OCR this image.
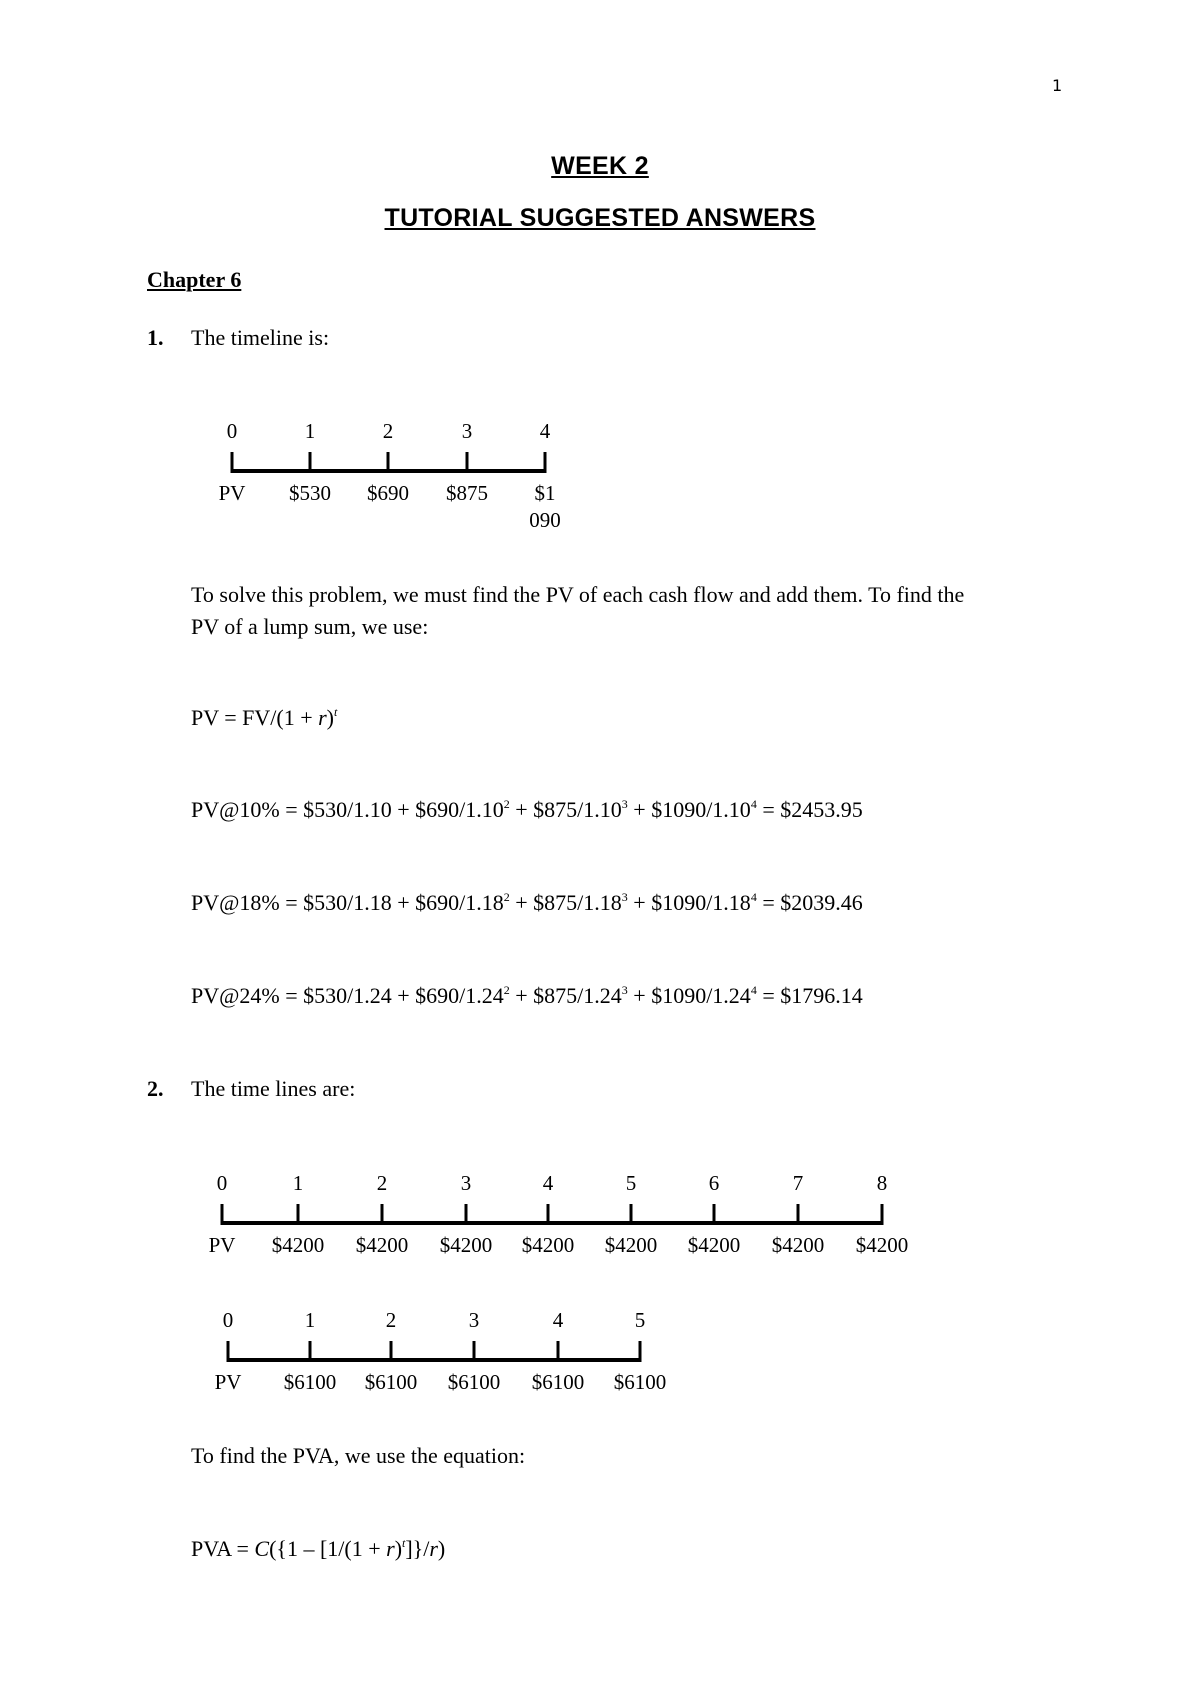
1
WEEK 2
TUTORIAL SUGGESTED ANSWERS
Chapter 6
1. The timeline is:
0
PV
1
$530
2
$690
3
$875
4
$1
090
To solve this problem, we must find the PV of each cash flow and add them. To find the
PV of a lump sum, we use:
PV = $FV/(1 + r)^t$
PV@10% = $530/1.10 + $\$690/1.10^2$ + $\$875/1.10^3$ + $\$1090/1.10^4$ = $2453.95
PV@18% = $530/1.18 + $\$690/1.18^2$ + $\$875/1.18^3$ + $\$1090/1.18^4$ = $2039.46
PV@24% = $530/1.24 + $\$690/1.24^2$ + $\$875/1.24^3$ + $\$1090/1.24^4$ = $1796.14
2. The time lines are:
0
PV
1
$4200
2
$4200
3
$4200
4
$4200
5
$4200
6
$4200
7
$4200
8
$4200
0
PV
1
$6100
2
$6100
3
$6100
4
$6100
5
$6100
To find the PVA, we use the equation:
PVA = $C(\{1 - [1/(1 + r)^t]\}/r)$
